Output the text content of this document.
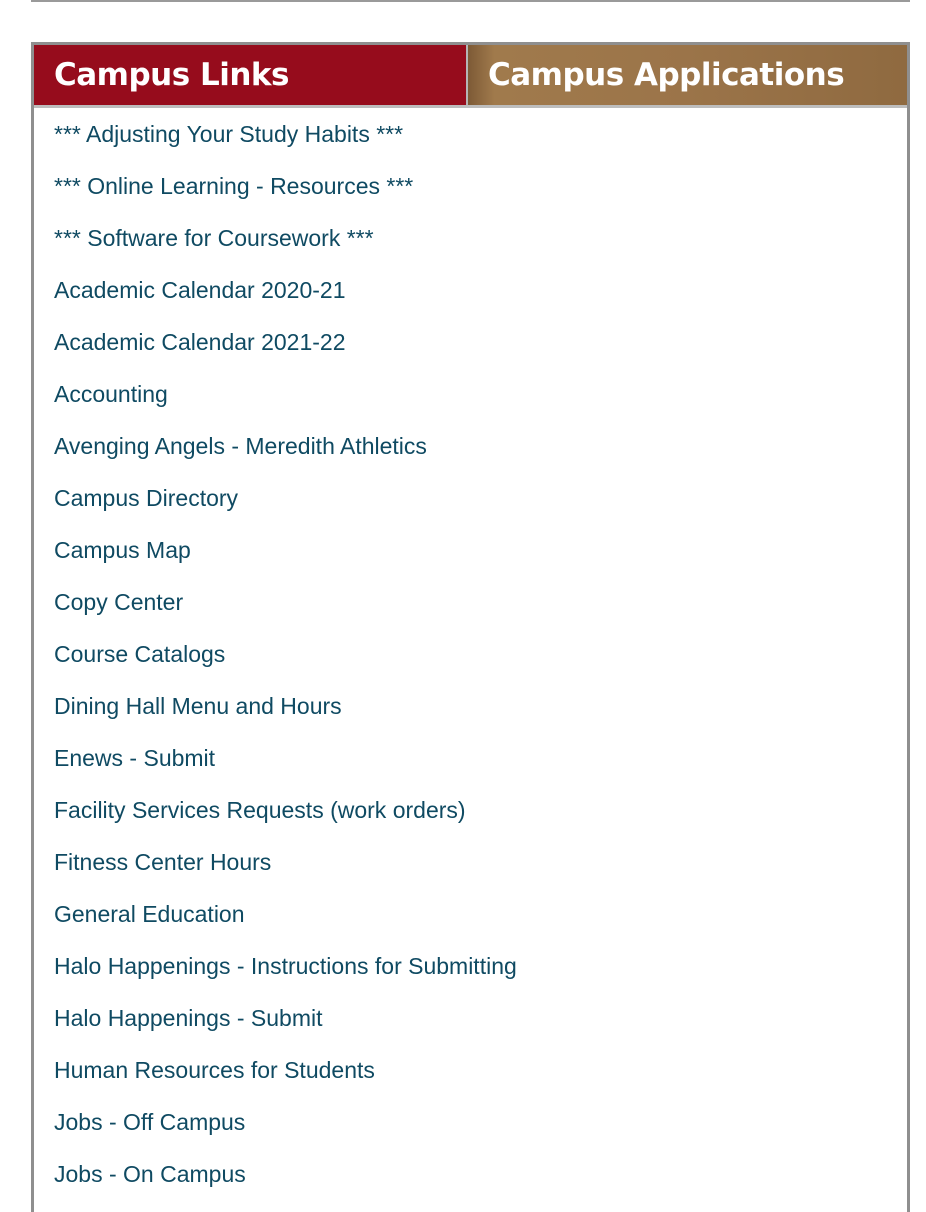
Campus Links	Campus Applications
*** Adjusting Your Study Habits ***
*** Online Learning - Resources ***
*** Software for Coursework ***
Academic Calendar 2020-21
Academic Calendar 2021-22
Accounting
Avenging Angels - Meredith Athletics
Campus Directory
Campus Map
Copy Center
Course Catalogs
Dining Hall Menu and Hours
Enews - Submit
Facility Services Requests (work orders)
Fitness Center Hours
General Education
Halo Happenings - Instructions for Submitting
Halo Happenings - Submit
Human Resources for Students
Jobs - Off Campus
Jobs - On Campus
